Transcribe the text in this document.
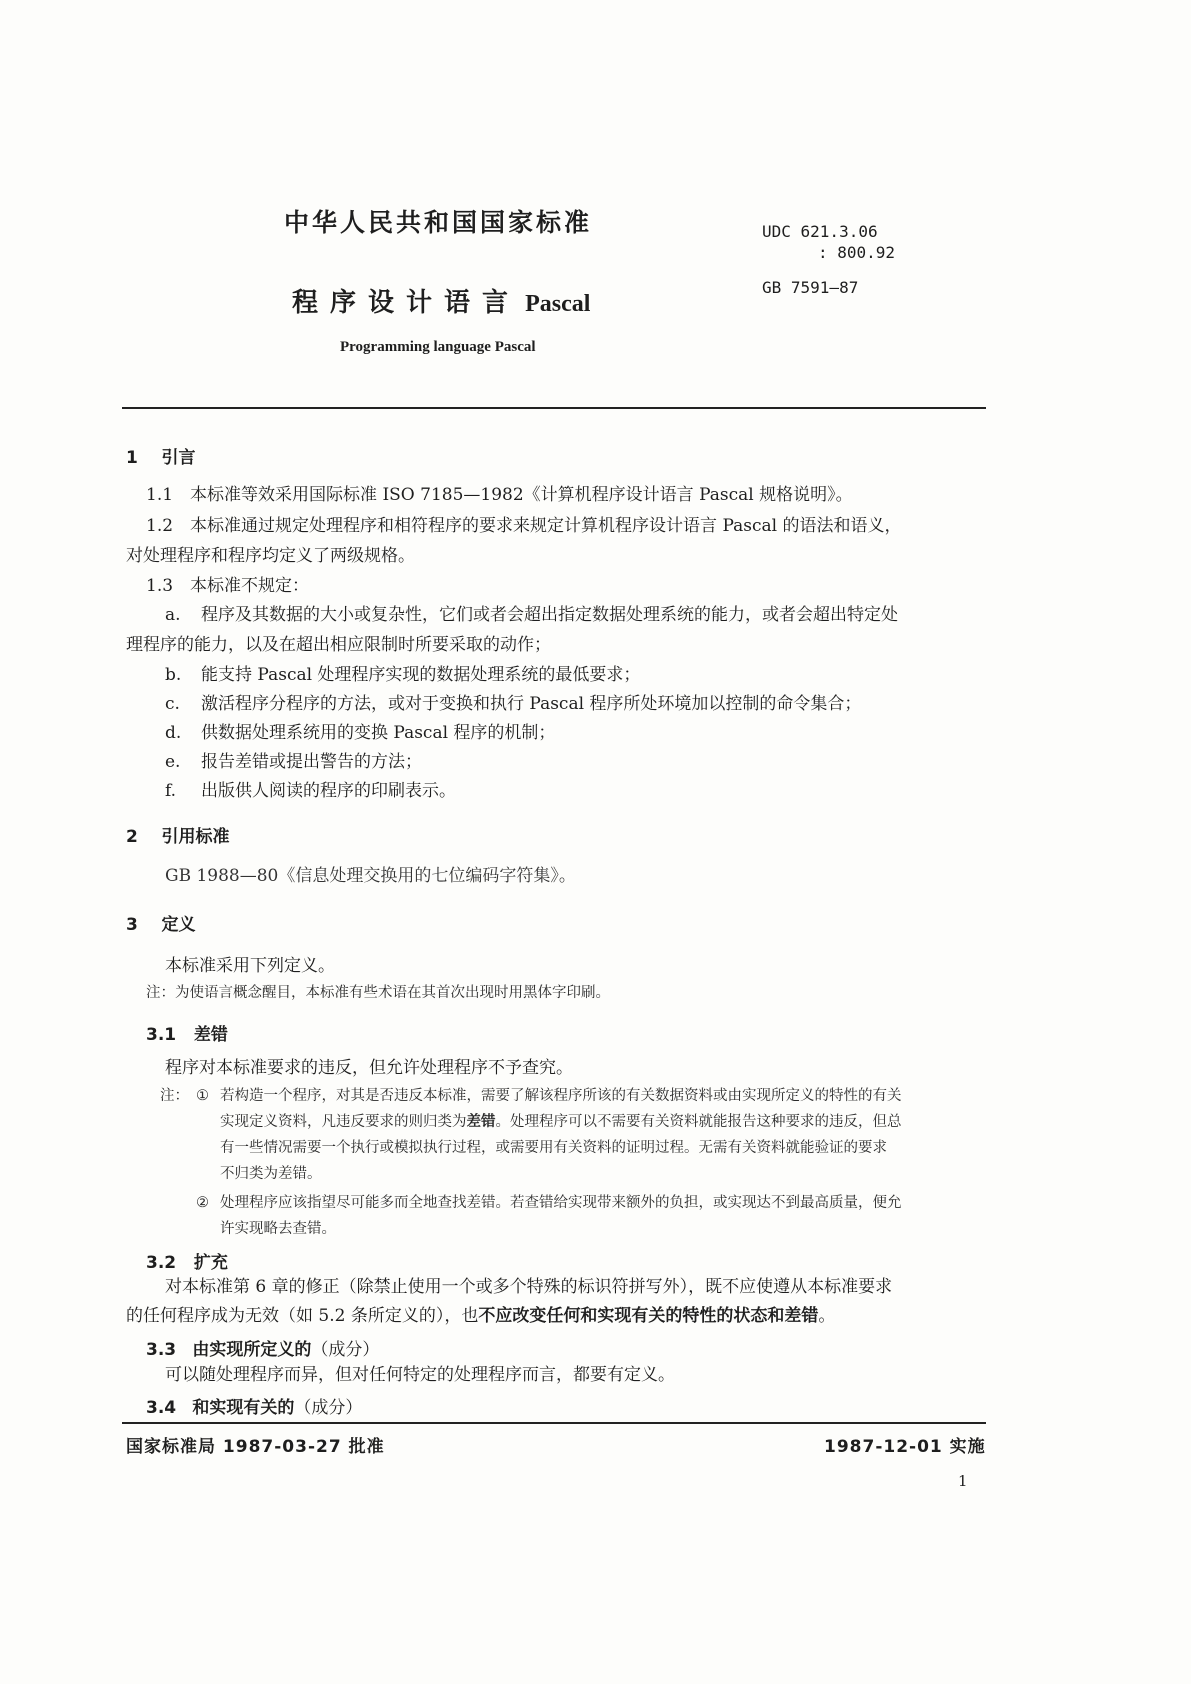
中华人民共和国国家标准	UDC 621.3.06
: 800.92
程序设计语言 Pascal
GB 7591—87
Programming language Pascal
1 引言
1.1　本标准等效采用国际标准 ISO 7185—1982《计算机程序设计语言 Pascal 规格说明》。
1.2　本标准通过规定处理程序和相符程序的要求来规定计算机程序设计语言 Pascal 的语法和语义，
对处理程序和程序均定义了两级规格。
1.3　本标准不规定：
a. 程序及其数据的大小或复杂性，它们或者会超出指定数据处理系统的能力，或者会超出特定处
理程序的能力，以及在超出相应限制时所要采取的动作；
b. 能支持 Pascal 处理程序实现的数据处理系统的最低要求；
c. 激活程序分程序的方法，或对于变换和执行 Pascal 程序所处环境加以控制的命令集合；
d. 供数据处理系统用的变换 Pascal 程序的机制；
e. 报告差错或提出警告的方法；
f. 出版供人阅读的程序的印刷表示。
2 引用标准
GB 1988—80《信息处理交换用的七位编码字符集》。
3 定义
本标准采用下列定义。
注：为使语言概念醒目，本标准有些术语在其首次出现时用黑体字印刷。
3.1 差错
程序对本标准要求的违反，但允许处理程序不予查究。
注： ① 若构造一个程序，对其是否违反本标准，需要了解该程序所该的有关数据资料或由实现所定义的特性的有关
实现定义资料，凡违反要求的则归类为差错。处理程序可以不需要有关资料就能报告这种要求的违反，但总
有一些情况需要一个执行或模拟执行过程，或需要用有关资料的证明过程。无需有关资料就能验证的要求
不归类为差错。
② 处理程序应该指望尽可能多而全地查找差错。若查错给实现带来额外的负担，或实现达不到最高质量，便允
许实现略去查错。
3.2 扩充
对本标准第 6 章的修正（除禁止使用一个或多个特殊的标识符拼写外），既不应使遵从本标准要求
的任何程序成为无效（如 5.2 条所定义的），也不应改变任何和实现有关的特性的状态和差错。
3.3 由实现所定义的（成分）
可以随处理程序而异，但对任何特定的处理程序而言，都要有定义。
3.4 和实现有关的（成分）
国家标准局 1987-03-27 批准	1987-12-01 实施
1
